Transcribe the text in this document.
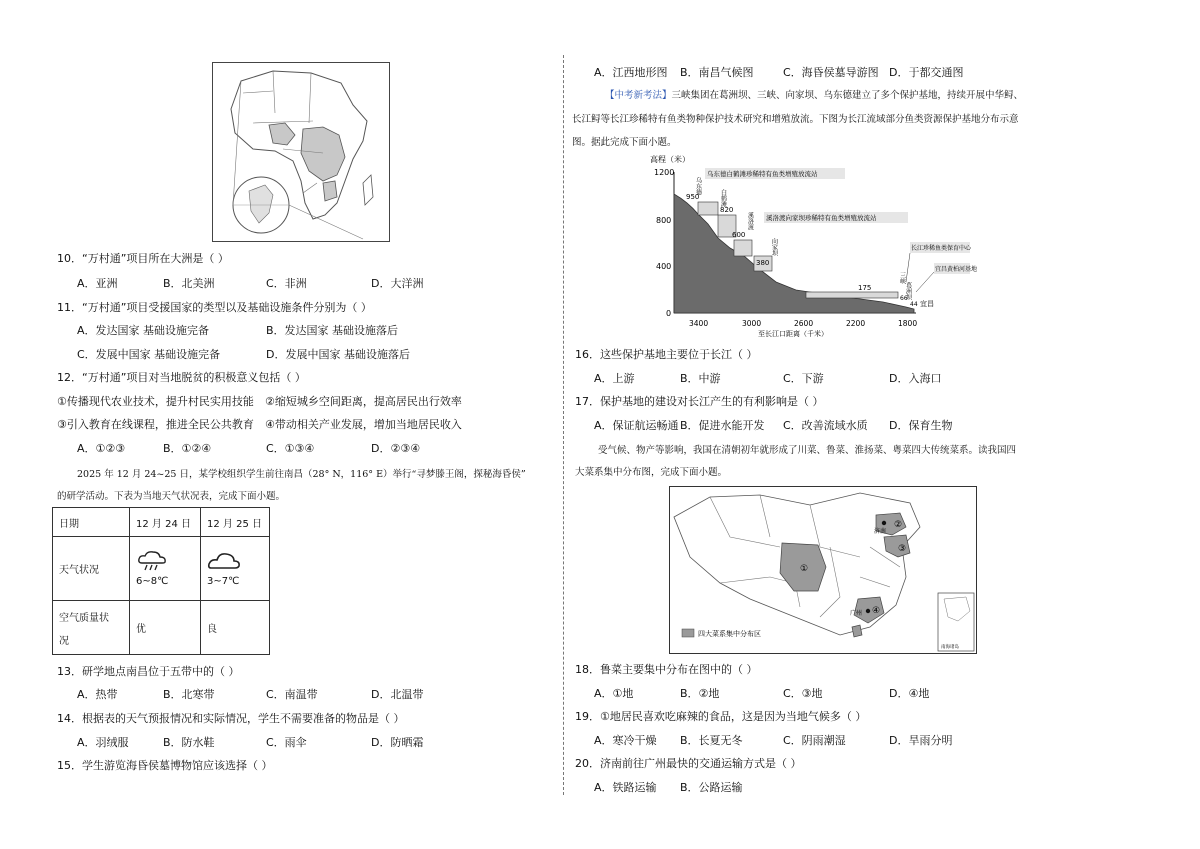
10．“万村通”项目所在大洲是（ ）
A．亚洲	B．北美洲	C．非洲	D．大洋洲
11．“万村通”项目受援国家的类型以及基础设施条件分别为（ ）
A．发达国家 基础设施完备	B．发达国家 基础设施落后
C．发展中国家 基础设施完备	D．发展中国家 基础设施落后
12．“万村通”项目对当地脱贫的积极意义包括（ ）
①传播现代农业技术，提升村民实用技能 ②缩短城乡空间距离，提高居民出行效率
③引入教育在线课程，推进全民公共教育 ④带动相关产业发展，增加当地居民收入
A．①②③	B．①②④	C．①③④	D．②③④
2025 年 12 月 24~25 日，某学校组织学生前往南昌（28° N，116° E）举行“寻梦滕王阁，探秘海昏侯”
的研学活动。下表为当地天气状况表，完成下面小题。
日期	12 月 24 日	12 月 25 日
天气状况	6~8℃	3~7℃

空气质量状
况	优	良
13．研学地点南昌位于五带中的（ ）
A．热带	B．北寒带	C．南温带	D．北温带
14．根据表的天气预报情况和实际情况，学生不需要准备的物品是（ ）
A．羽绒服	B．防水鞋	C．雨伞	D．防晒霜
15．学生游览海昏侯墓博物馆应该选择（ ）
A．江西地形图 B．南昌气候图	C．海昏侯墓导游图 D．于都交通图
【中考新考法】三峡集团在葛洲坝、三峡、向家坝、乌东德建立了多个保护基地，持续开展中华鲟、
长江鲟等长江珍稀特有鱼类物种保护技术研究和增殖放流。下图为长江流域部分鱼类资源保护基地分布示意
图。据此完成下面小题。
高程（米）
1200
800
400
0
950
820
600
380
175
66
44
乌东德
白鹤滩
溪洛渡
向家坝
三峡
葛洲坝
乌东德白鹤滩珍稀特有鱼类增殖放流站
溪洛渡向家坝珍稀特有鱼类增殖放流站
长江珍稀鱼类保育中心
宜昌黄柏河基地
宜昌
3400	3000	2600	2200	1800
至长江口距离（千米）
16．这些保护基地主要位于长江（ ）
A．上游	B．中游	C．下游	D．入海口
17．保护基地的建设对长江产生的有利影响是（ ）
A．保证航运畅通 B．促进水能开发 C．改善流域水质 D．保育生物
受气候、物产等影响，我国在清朝初年就形成了川菜、鲁菜、淮扬菜、粤菜四大传统菜系。读我国四
大菜系集中分布图，完成下面小题。
①
②
③
④
济南
广州
南海诸岛
四大菜系集中分布区
18．鲁菜主要集中分布在图中的（ ）
A．①地	B．②地	C．③地	D．④地
19．①地居民喜欢吃麻辣的食品，这是因为当地气候多（ ）
A．寒冷干燥 B．长夏无冬	C．阴雨潮湿	D．旱雨分明
20．济南前往广州最快的交通运输方式是（ ）
A．铁路运输 B．公路运输
